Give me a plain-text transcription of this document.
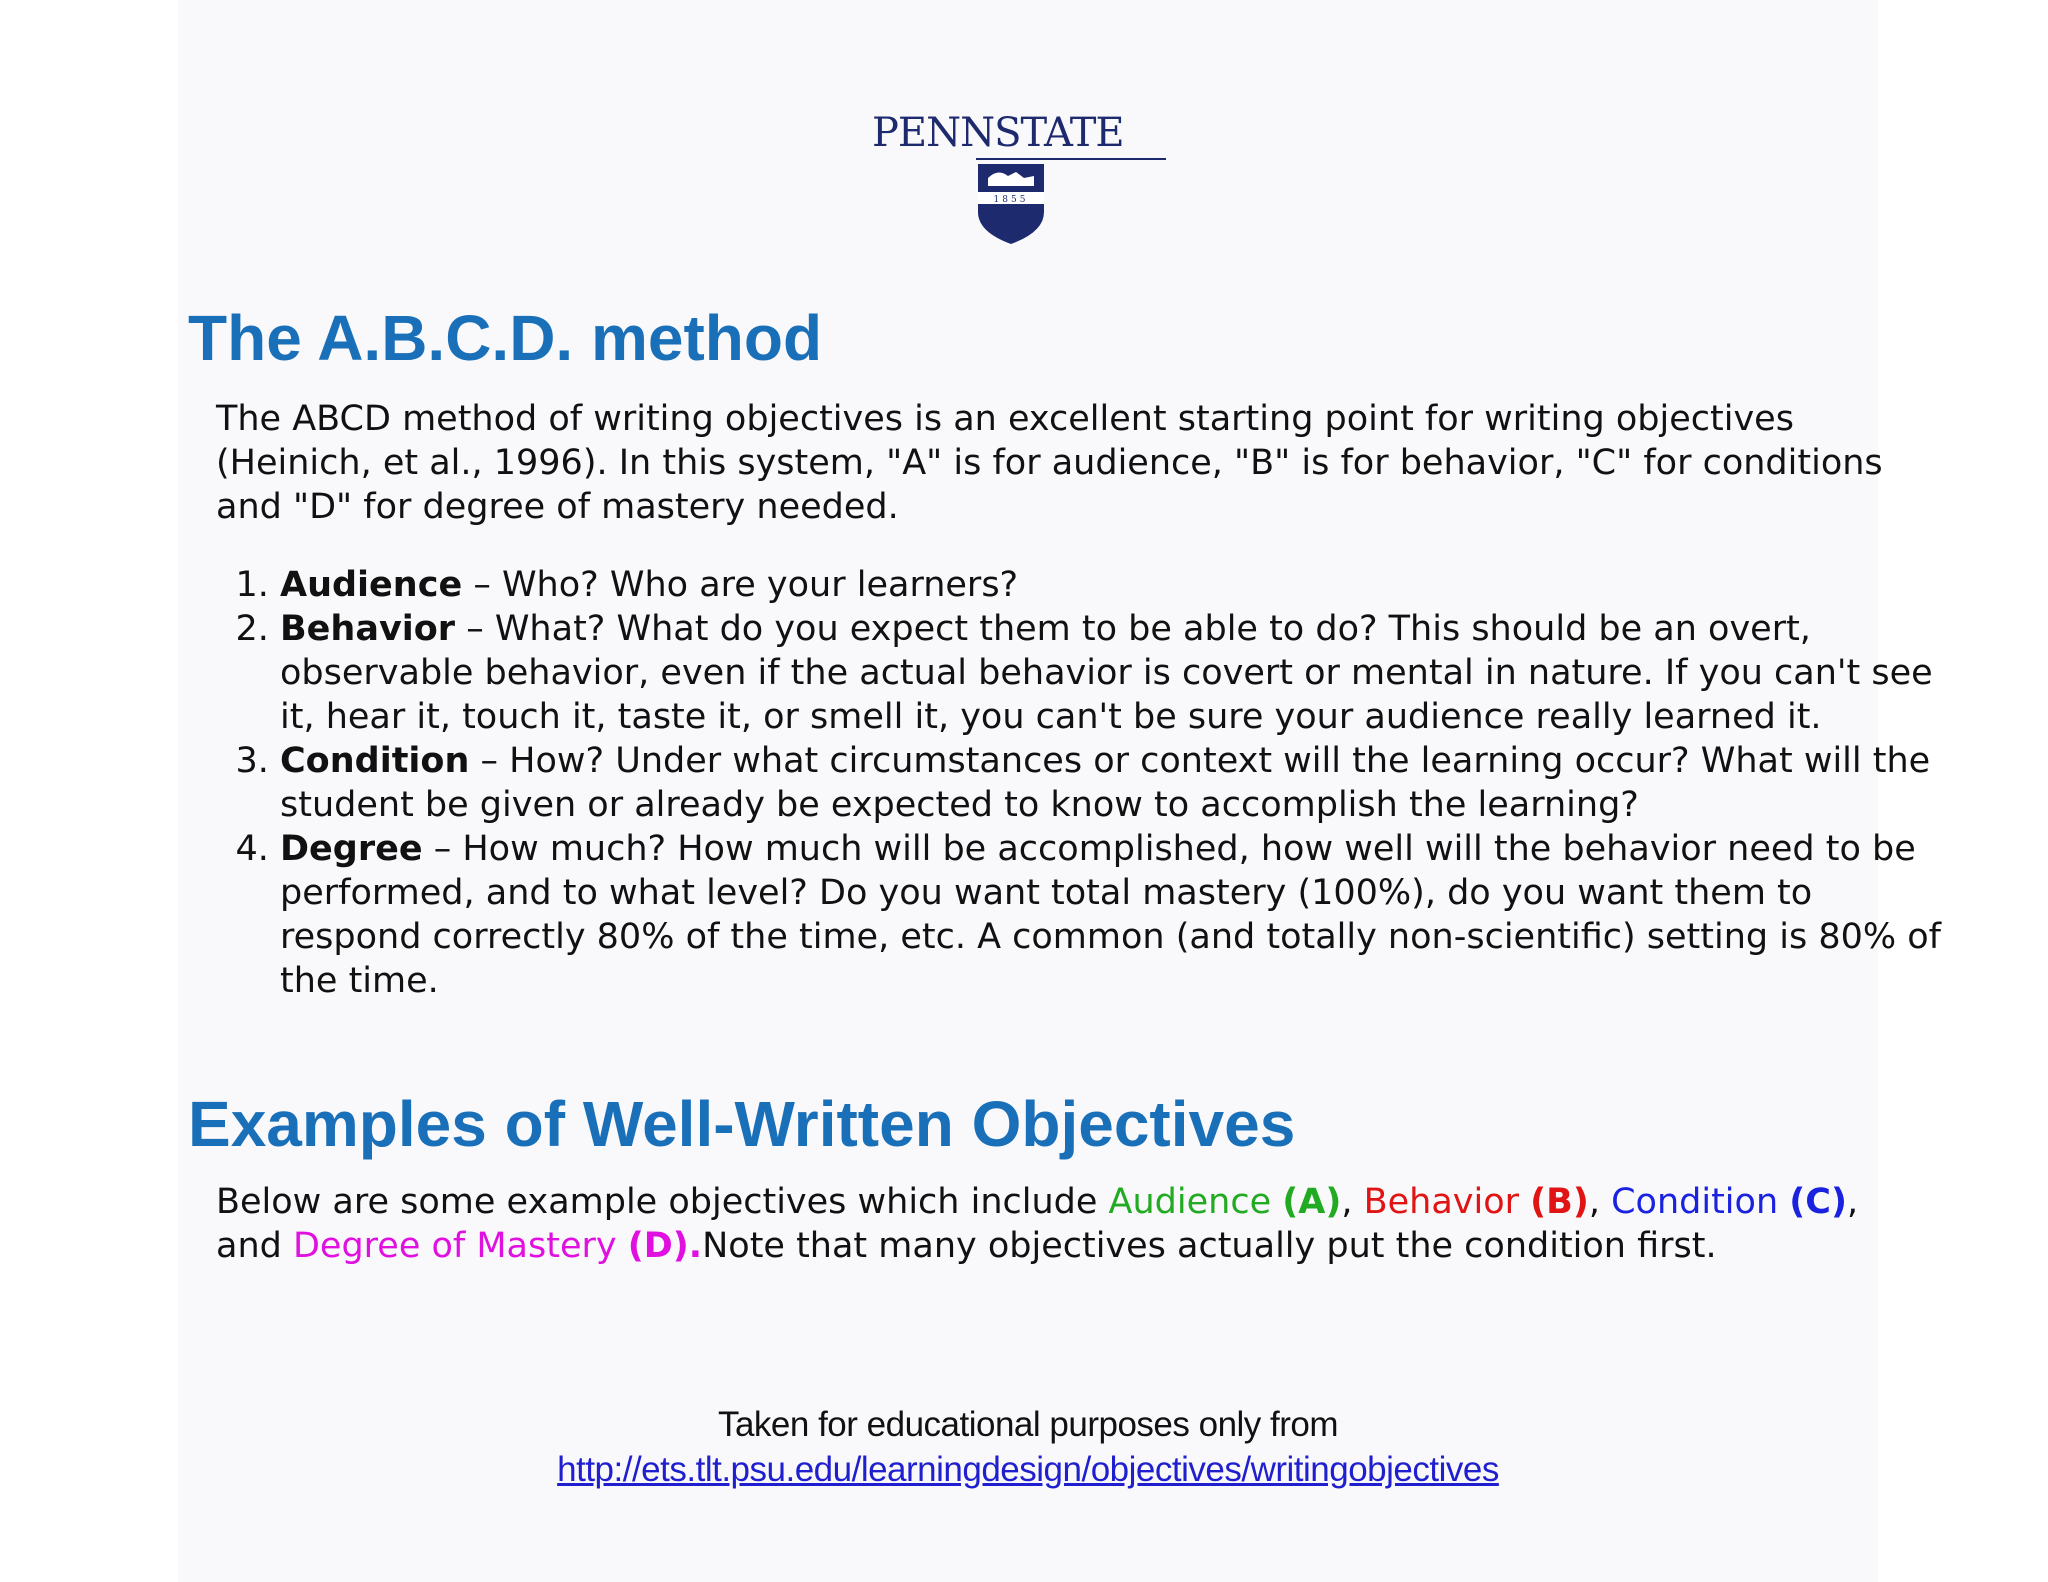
PENNSTATE
1855
The A.B.C.D. method

The ABCD method of writing objectives is an excellent starting point for writing objectives (Heinich, et al., 1996). In this system, "A" is for audience, "B" is for behavior, "C" for conditions and "D" for degree of mastery needed.

1. Audience – Who? Who are your learners?
2. Behavior – What? What do you expect them to be able to do? This should be an overt, observable behavior, even if the actual behavior is covert or mental in nature. If you can't see it, hear it, touch it, taste it, or smell it, you can't be sure your audience really learned it.
3. Condition – How? Under what circumstances or context will the learning occur? What will the student be given or already be expected to know to accomplish the learning?
4. Degree – How much? How much will be accomplished, how well will the behavior need to be performed, and to what level? Do you want total mastery (100%), do you want them to respond correctly 80% of the time, etc. A common (and totally non-scientific) setting is 80% of the time.
Examples of Well-Written Objectives

Below are some example objectives which include Audience (A), Behavior (B), Condition (C), and Degree of Mastery (D).Note that many objectives actually put the condition first.

Taken for educational purposes only from
http://ets.tlt.psu.edu/learningdesign/objectives/writingobjectives
